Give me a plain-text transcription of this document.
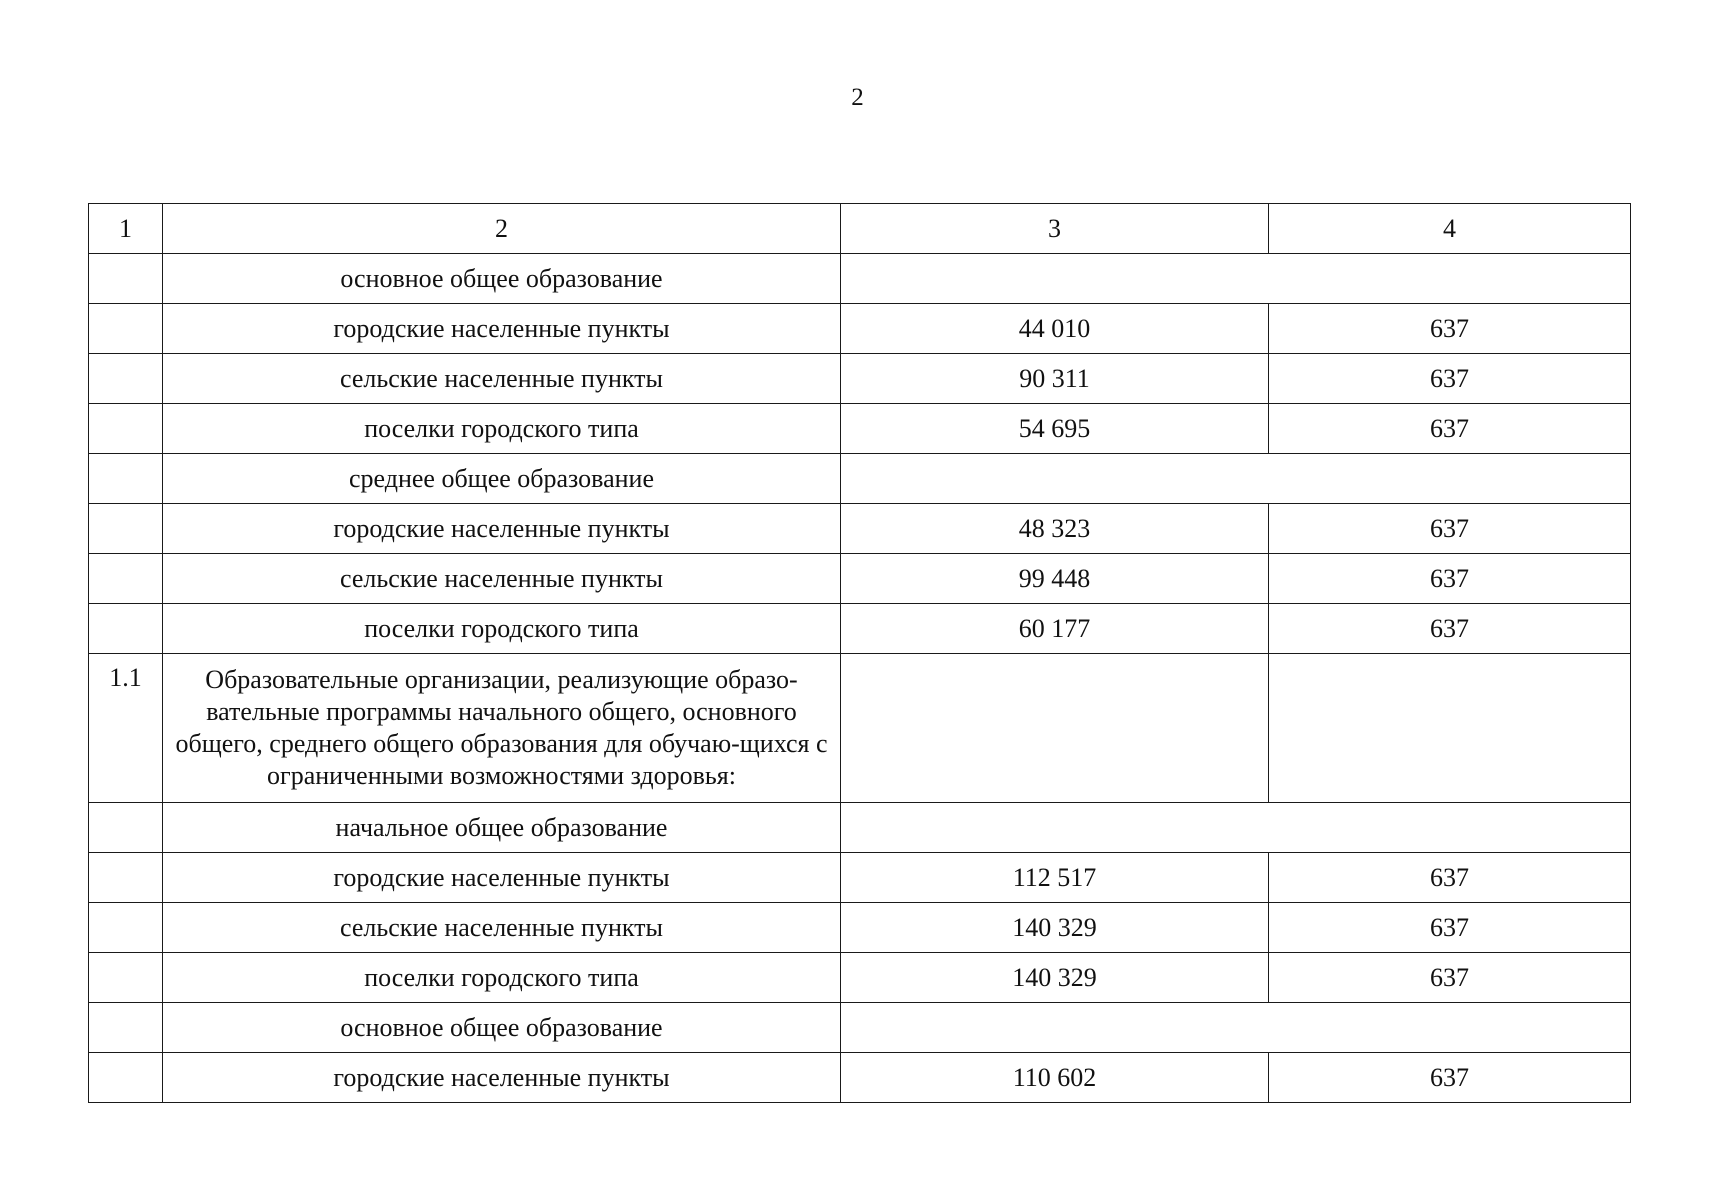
2
1	2	3	4
	основное общее образование		
	городские населенные пункты	44 010	637
	сельские населенные пункты	90 311	637
	поселки городского типа	54 695	637
	среднее общее образование		
	городские населенные пункты	48 323	637
	сельские населенные пункты	99 448	637
	поселки городского типа	60 177	637
1.1	Образовательные организации, реализующие образо-вательные программы начального общего, основного общего, среднего общего образования для обучаю-щихся с ограниченными возможностями здоровья:		
	начальное общее образование		
	городские населенные пункты	112 517	637
	сельские населенные пункты	140 329	637
	поселки городского типа	140 329	637
	основное общее образование		
	городские населенные пункты	110 602	637
